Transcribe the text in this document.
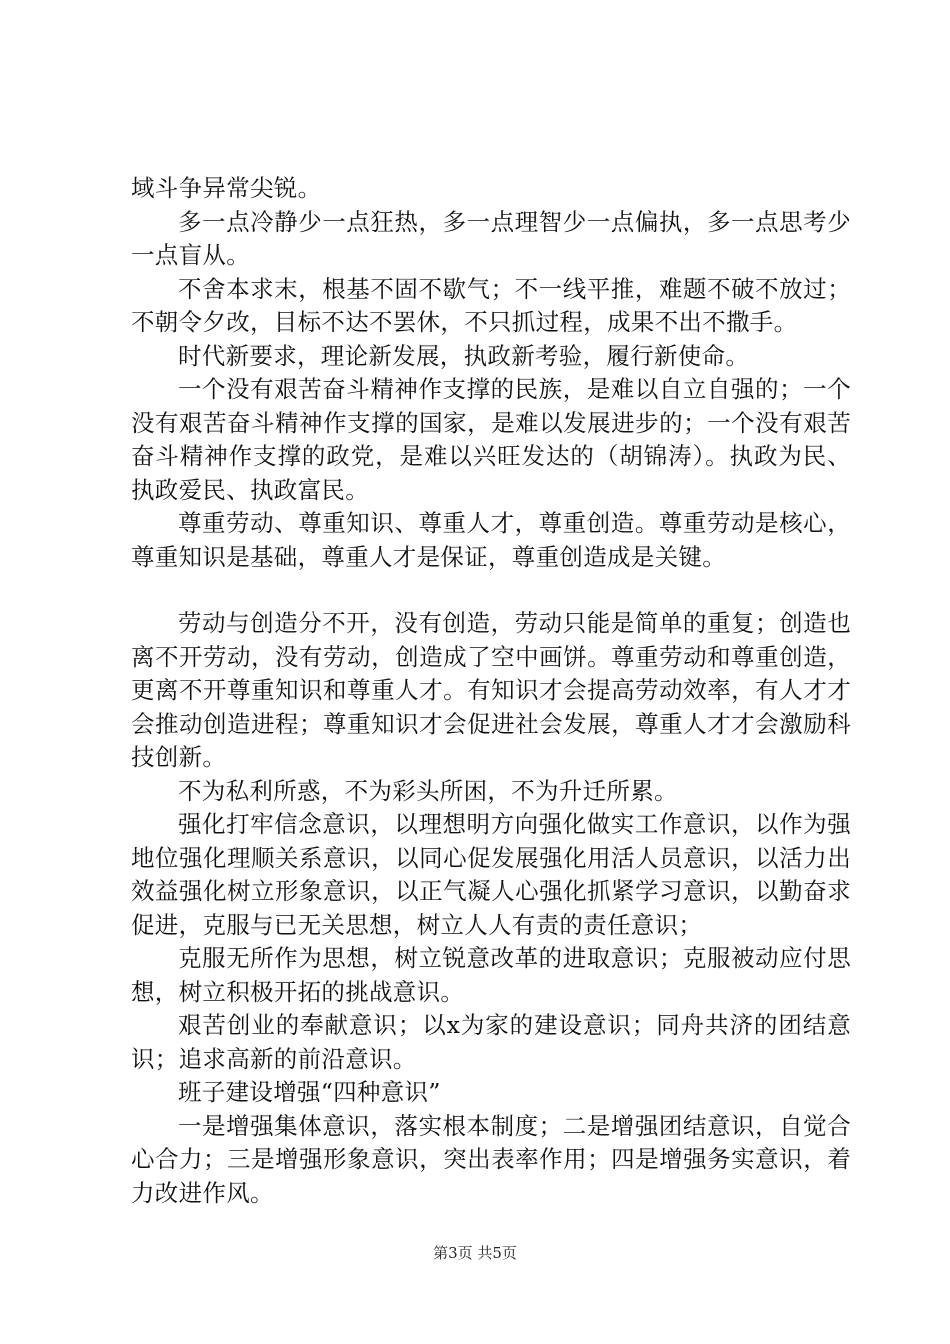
域斗争异常尖锐。

多一点冷静少一点狂热，多一点理智少一点偏执，多一点思考少一点盲从。

不舍本求末，根基不固不歇气；不一线平推，难题不破不放过；不朝令夕改，目标不达不罢休，不只抓过程，成果不出不撒手。

时代新要求，理论新发展，执政新考验，履行新使命。

一个没有艰苦奋斗精神作支撑的民族，是难以自立自强的；一个没有艰苦奋斗精神作支撑的国家，是难以发展进步的；一个没有艰苦奋斗精神作支撑的政党，是难以兴旺发达的（胡锦涛）。执政为民、执政爱民、执政富民。

尊重劳动、尊重知识、尊重人才，尊重创造。尊重劳动是核心，尊重知识是基础，尊重人才是保证，尊重创造成是关键。

劳动与创造分不开，没有创造，劳动只能是简单的重复；创造也离不开劳动，没有劳动，创造成了空中画饼。尊重劳动和尊重创造，更离不开尊重知识和尊重人才。有知识才会提高劳动效率，有人才才会推动创造进程；尊重知识才会促进社会发展，尊重人才才会激励科技创新。

不为私利所惑，不为彩头所困，不为升迁所累。

强化打牢信念意识，以理想明方向强化做实工作意识，以作为强地位强化理顺关系意识，以同心促发展强化用活人员意识，以活力出效益强化树立形象意识，以正气凝人心强化抓紧学习意识，以勤奋求促进，克服与已无关思想，树立人人有责的责任意识；

克服无所作为思想，树立锐意改革的进取意识；克服被动应付思想，树立积极开拓的挑战意识。

艰苦创业的奉献意识；以x为家的建设意识；同舟共济的团结意识；追求高新的前沿意识。

班子建设增强“四种意识”

一是增强集体意识，落实根本制度；二是增强团结意识，自觉合心合力；三是增强形象意识，突出表率作用；四是增强务实意识，着力改进作风。

第3页 共5页
